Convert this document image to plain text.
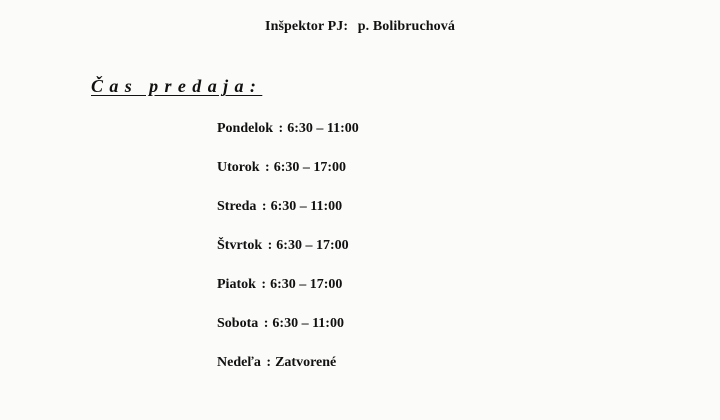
Inšpektor PJ: p. Bolibruchová
Čas predaja:
Pondelok : 6:30 – 11:00
Utorok : 6:30 – 17:00
Streda : 6:30 – 11:00
Štvrtok : 6:30 – 17:00
Piatok : 6:30 – 17:00
Sobota : 6:30 – 11:00
Nedeľa : Zatvorené
